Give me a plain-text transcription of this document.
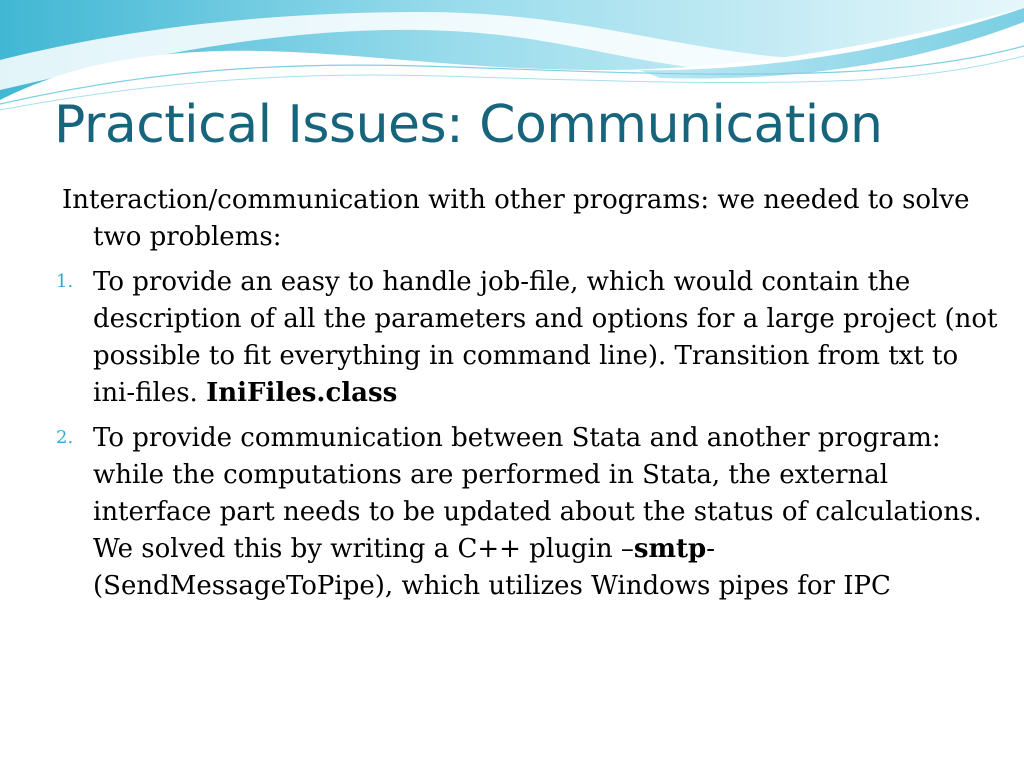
Practical Issues: Communication

Interaction/communication with other programs: we needed to solve two problems:

1. To provide an easy to handle job-file, which would contain the description of all the parameters and options for a large project (not possible to fit everything in command line). Transition from txt to ini-files. IniFiles.class
2. To provide communication between Stata and another program: while the computations are performed in Stata, the external interface part needs to be updated about the status of calculations. We solved this by writing a C++ plugin –smtp- (SendMessageToPipe), which utilizes Windows pipes for IPC
